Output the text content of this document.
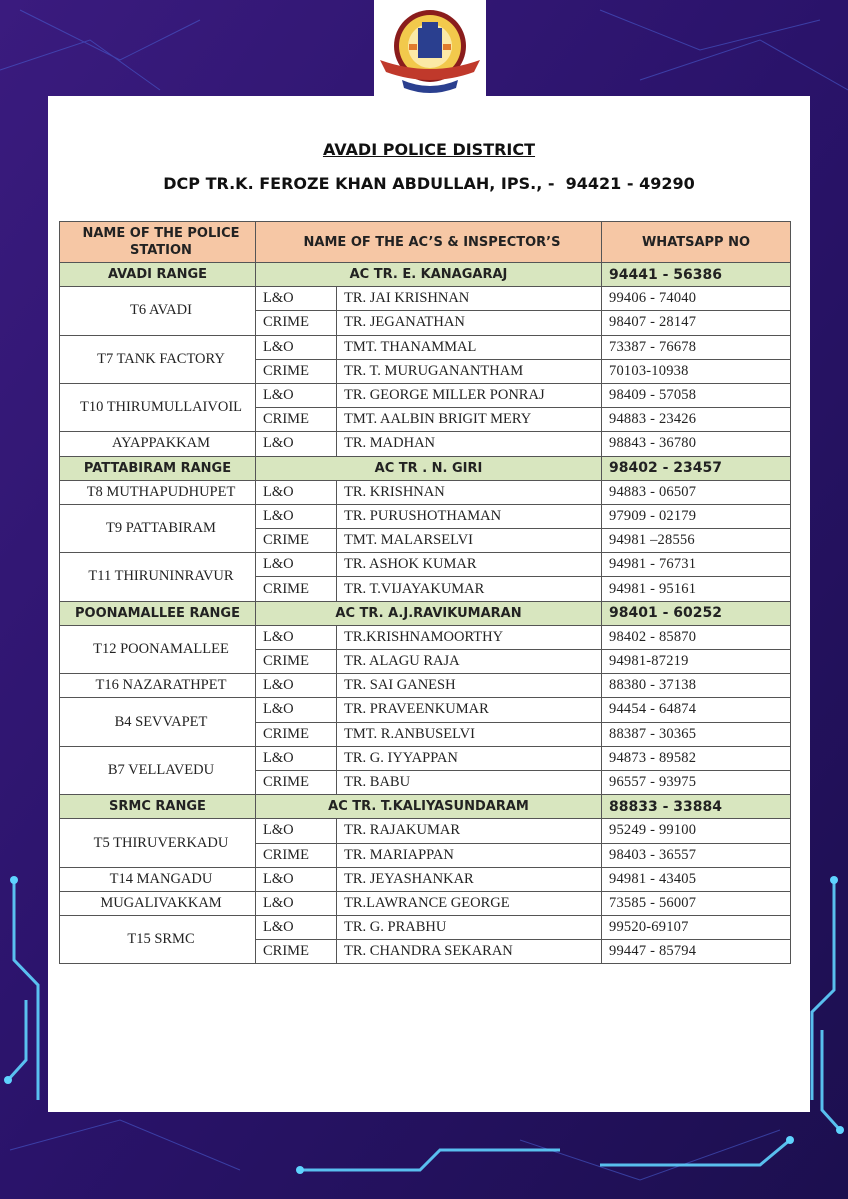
AVADI POLICE DISTRICT
DCP TR.K. FEROZE KHAN ABDULLAH, IPS., -  94421 - 49290
NAME OF THE POLICE STATION	NAME OF THE AC’S & INSPECTOR’S		WHATSAPP NO
AVADI RANGE	AC TR. E. KANAGARAJ		94441 - 56386
T6 AVADI	L&O	TR. JAI KRISHNAN	99406 - 74040
	CRIME	TR. JEGANATHAN	98407 - 28147
T7 TANK FACTORY	L&O	TMT. THANAMMAL	73387 - 76678
	CRIME	TR. T. MURUGANANTHAM	70103-10938
T10 THIRUMULLAIVOIL	L&O	TR. GEORGE MILLER PONRAJ	98409 - 57058
	CRIME	TMT. AALBIN BRIGIT MERY	94883 - 23426
AYAPPAKKAM	L&O	TR. MADHAN	98843 - 36780
PATTABIRAM RANGE	AC TR . N. GIRI		98402 - 23457
T8 MUTHAPUDHUPET	L&O	TR. KRISHNAN	94883 - 06507
T9 PATTABIRAM	L&O	TR. PURUSHOTHAMAN	97909 - 02179
	CRIME	TMT. MALARSELVI	94981 –28556
T11 THIRUNINRAVUR	L&O	TR. ASHOK KUMAR	94981 - 76731
	CRIME	TR. T.VIJAYAKUMAR	94981 - 95161
POONAMALLEE RANGE	AC TR. A.J.RAVIKUMARAN		98401 - 60252
T12 POONAMALLEE	L&O	TR.KRISHNAMOORTHY	98402 - 85870
	CRIME	TR. ALAGU RAJA	94981-87219
T16 NAZARATHPET	L&O	TR. SAI GANESH	88380 - 37138
B4 SEVVAPET	L&O	TR. PRAVEENKUMAR	94454 - 64874
	CRIME	TMT. R.ANBUSELVI	88387 - 30365
B7 VELLAVEDU	L&O	TR. G. IYYAPPAN	94873 - 89582
	CRIME	TR. BABU	96557 - 93975
SRMC RANGE	AC TR. T.KALIYASUNDARAM		88833 - 33884
T5 THIRUVERKADU	L&O	TR. RAJAKUMAR	95249 - 99100
	CRIME	TR. MARIAPPAN	98403 - 36557
T14 MANGADU	L&O	TR. JEYASHANKAR	94981 - 43405
MUGALIVAKKAM	L&O	TR.LAWRANCE GEORGE	73585 - 56007
T15 SRMC	L&O	TR. G. PRABHU	99520-69107
	CRIME	TR. CHANDRA SEKARAN	99447 - 85794
